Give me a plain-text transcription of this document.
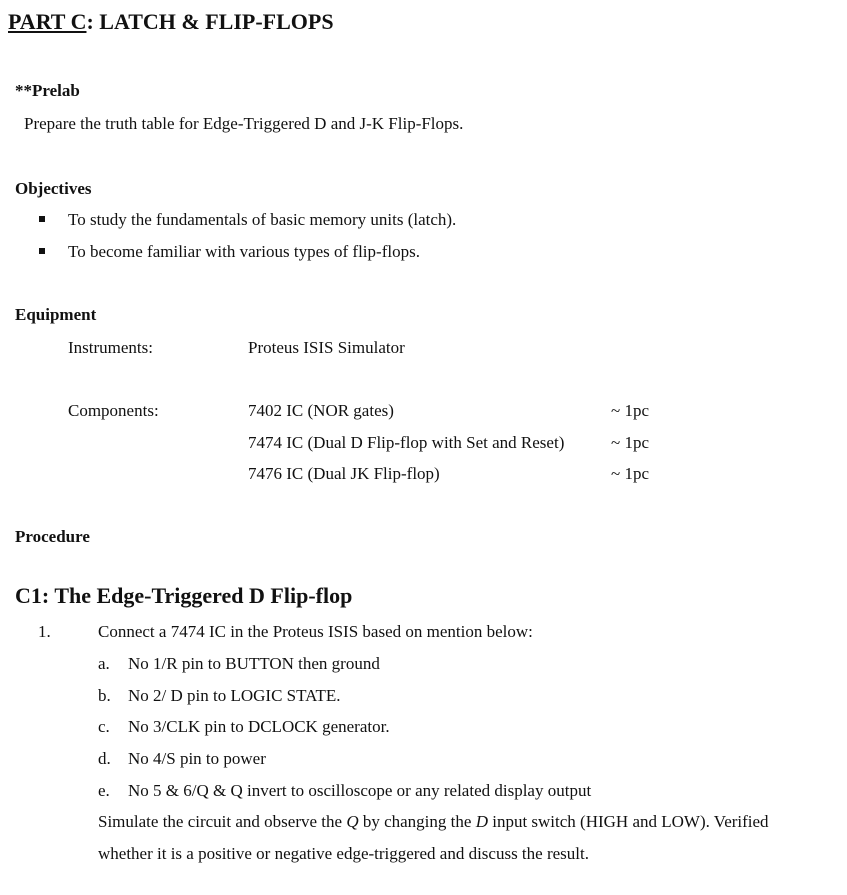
PART C: LATCH & FLIP-FLOPS
**Prelab
Prepare the truth table for Edge-Triggered D and J-K Flip-Flops.
Objectives
To study the fundamentals of basic memory units (latch).
To become familiar with various types of flip-flops.
Equipment
Instruments:	Proteus ISIS Simulator
Components:	7402 IC (NOR gates)	~ 1pc
7474 IC (Dual D Flip-flop with Set and Reset)	~ 1pc
7476 IC (Dual JK Flip-flop)	~ 1pc
Procedure
C1: The Edge-Triggered D Flip-flop
1.	Connect a 7474 IC in the Proteus ISIS based on mention below:
a. No 1/R pin to BUTTON then ground
b. No 2/ D pin to LOGIC STATE.
c. No 3/CLK pin to DCLOCK generator.
d. No 4/S pin to power
e. No 5 & 6/Q & Q invert to oscilloscope or any related display output
Simulate the circuit and observe the Q by changing the D input switch (HIGH and LOW). Verified
whether it is a positive or negative edge-triggered and discuss the result.
